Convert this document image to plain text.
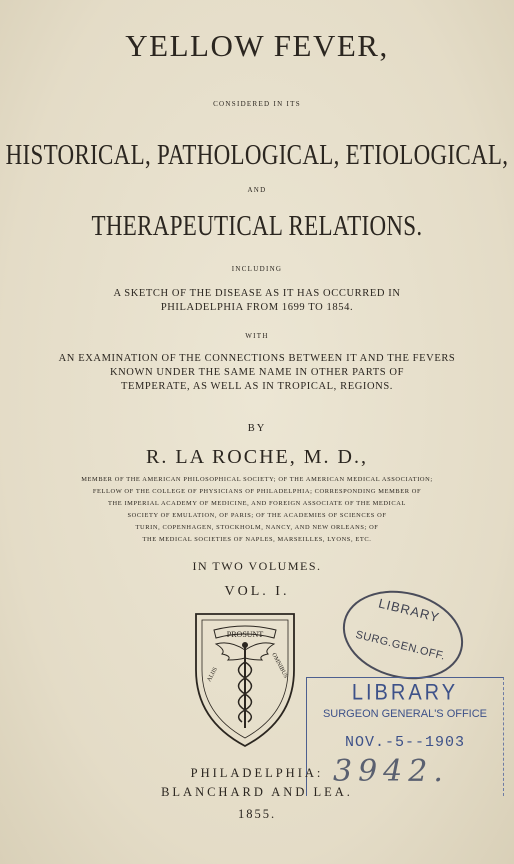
YELLOW FEVER,
CONSIDERED IN ITS
HISTORICAL, PATHOLOGICAL, ETIOLOGICAL,
AND
THERAPEUTICAL RELATIONS.
INCLUDING
A SKETCH OF THE DISEASE AS IT HAS OCCURRED IN
PHILADELPHIA FROM 1699 TO 1854.
WITH
AN EXAMINATION OF THE CONNECTIONS BETWEEN IT AND THE FEVERS
KNOWN UNDER THE SAME NAME IN OTHER PARTS OF
TEMPERATE, AS WELL AS IN TROPICAL, REGIONS.
BY
R. LA ROCHE, M. D.,
MEMBER OF THE AMERICAN PHILOSOPHICAL SOCIETY; OF THE AMERICAN MEDICAL ASSOCIATION;
FELLOW OF THE COLLEGE OF PHYSICIANS OF PHILADELPHIA; CORRESPONDING MEMBER OF
THE IMPERIAL ACADEMY OF MEDICINE, AND FOREIGN ASSOCIATE OF THE MEDICAL
SOCIETY OF EMULATION, OF PARIS; OF THE ACADEMIES OF SCIENCES OF
TURIN, COPENHAGEN, STOCKHOLM, NANCY, AND NEW ORLEANS; OF
THE MEDICAL SOCIETIES OF NAPLES, MARSEILLES, LYONS, ETC.
IN TWO VOLUMES.
VOL. I.
PROSUNT
ALIIS	OMNIBUS
LIBRARY
SURG.GEN.OFF.
LIBRARY
SURGEON GENERAL'S OFFICE
NOV.-5--1903
3942.
PHILADELPHIA:
BLANCHARD AND LEA.
1855.
